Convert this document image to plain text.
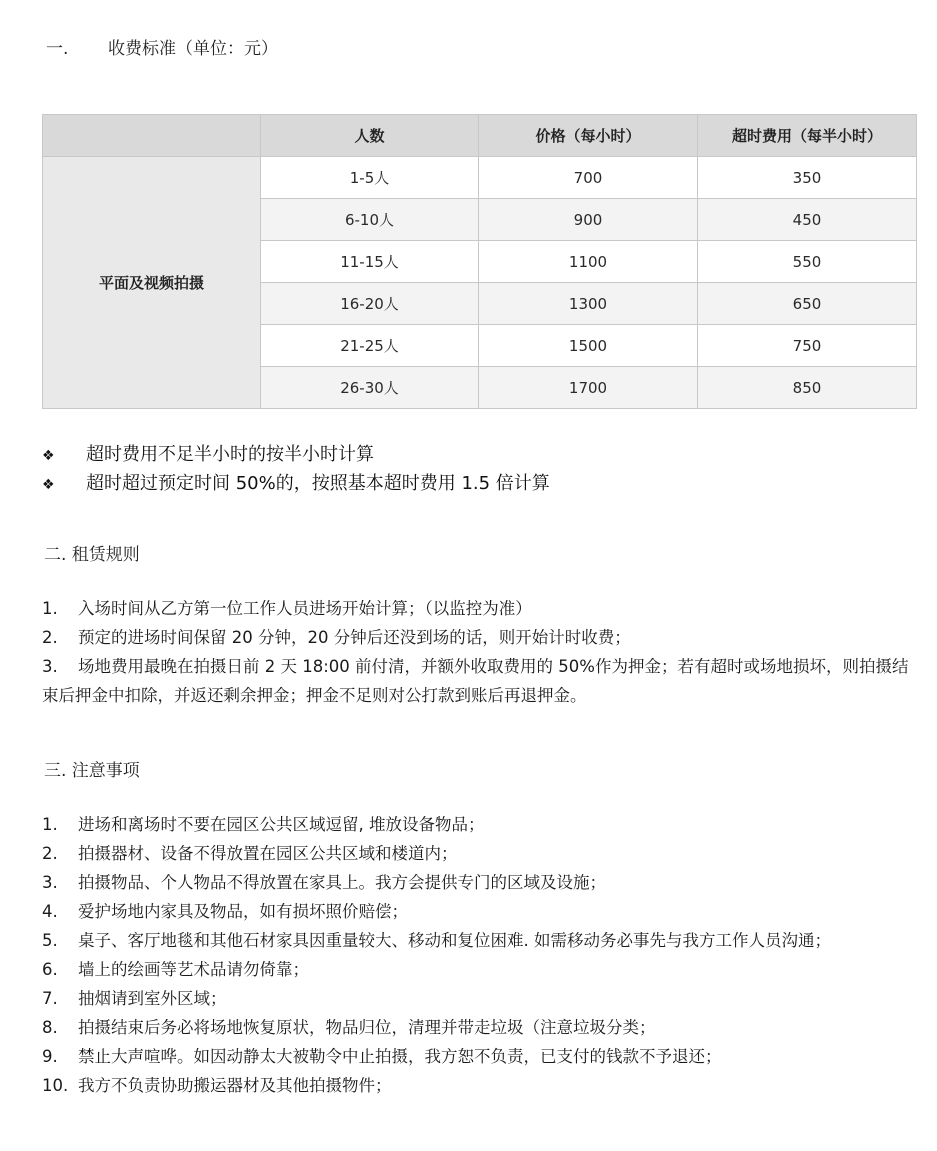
一. 收费标准（单位：元）
	人数	价格（每小时）	超时费用（每半小时）
平面及视频拍摄	1-5人	700	350
	6-10人	900	450
	11-15人	1100	550
	16-20人	1300	650
	21-25人	1500	750
	26-30人	1700	850
❖ 超时费用不足半小时的按半小时计算
❖ 超时超过预定时间 50%的，按照基本超时费用 1.5 倍计算
二. 租赁规则
1. 入场时间从乙方第一位工作人员进场开始计算；（以监控为准）
2. 预定的进场时间保留 20 分钟，20 分钟后还没到场的话，则开始计时收费；
3. 场地费用最晚在拍摄日前 2 天 18:00 前付清，并额外收取费用的 50%作为押金；若有超时或场地损坏，则拍摄结束后押金中扣除，并返还剩余押金；押金不足则对公打款到账后再退押金。
三. 注意事项
1. 进场和离场时不要在园区公共区域逗留, 堆放设备物品；
2. 拍摄器材、设备不得放置在园区公共区域和楼道内；
3. 拍摄物品、个人物品不得放置在家具上。我方会提供专门的区域及设施；
4. 爱护场地内家具及物品，如有损坏照价赔偿；
5. 桌子、客厅地毯和其他石材家具因重量较大、移动和复位困难. 如需移动务必事先与我方工作人员沟通；
6. 墙上的绘画等艺术品请勿倚靠；
7. 抽烟请到室外区域；
8. 拍摄结束后务必将场地恢复原状，物品归位，清理并带走垃圾（注意垃圾分类；
9. 禁止大声喧哗。如因动静太大被勒令中止拍摄，我方恕不负责，已支付的钱款不予退还；
10. 我方不负责协助搬运器材及其他拍摄物件；
